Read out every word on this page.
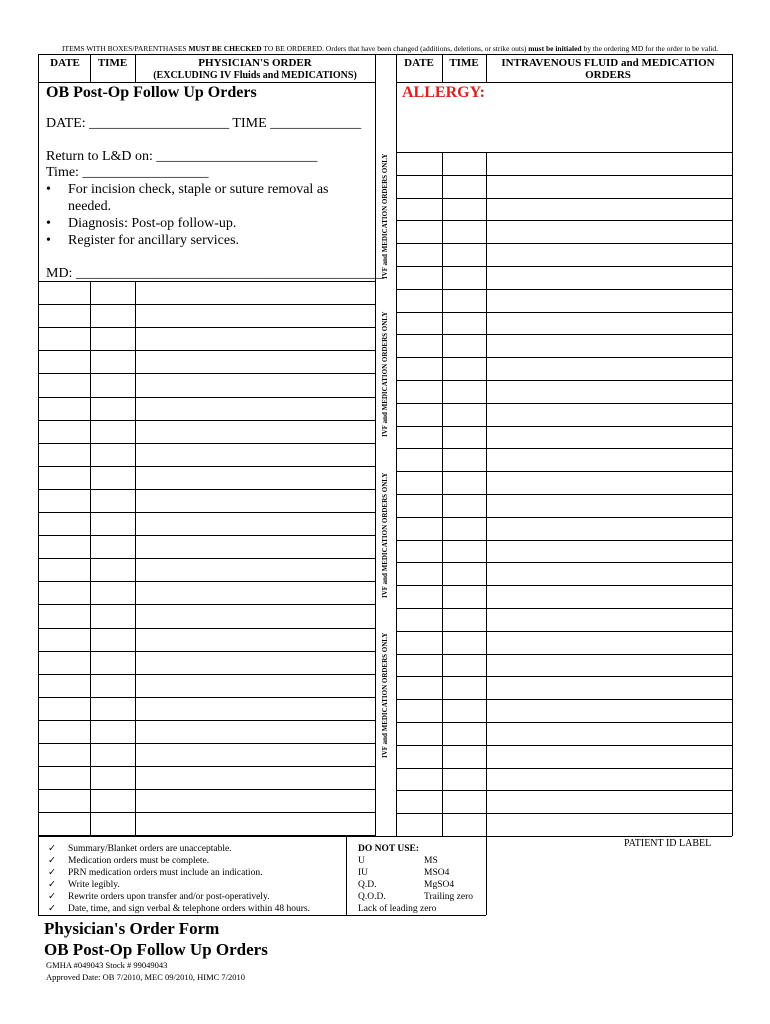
ITEMS WITH BOXES/PARENTHASES MUST BE CHECKED TO BE ORDERED. Orders that have been changed (additions, deletions, or strike outs) must be initialed by the ordering MD for the order to be valid.
DATE	TIME	PHYSICIAN'S ORDER
(EXCLUDING IV Fluids and MEDICATIONS)
DATE	TIME	INTRAVENOUS FLUID and MEDICATION
ORDERS
OB Post-Op Follow Up Orders	ALLERGY:
DATE: ____________________ TIME _____________
Return to L&D on: _______________________
Time: __________________
• For incision check, staple or suture removal as
needed.
• Diagnosis: Post-op follow-up.
• Register for ancillary services.
MD: ____________________________________________
IVF and MEDICATION ORDERS ONLY
IVF and MEDICATION ORDERS ONLY
IVF and MEDICATION ORDERS ONLY
IVF and MEDICATION ORDERS ONLY
✓ Summary/Blanket orders are unacceptable.
✓ Medication orders must be complete.
✓ PRN medication orders must include an indication.
✓ Write legibly.
✓ Rewrite orders upon transfer and/or post-operatively.
✓ Date, time, and sign verbal & telephone orders within 48 hours.
DO NOT USE:
U	MS
IU	MSO4
Q.D.	MgSO4
Q.O.D.	Trailing zero
Lack of leading zero	
PATIENT ID LABEL
Physician's Order Form
OB Post-Op Follow Up Orders
GMHA #049043 Stock # 99049043
Approved Date: OB 7/2010, MEC 09/2010, HIMC 7/2010
